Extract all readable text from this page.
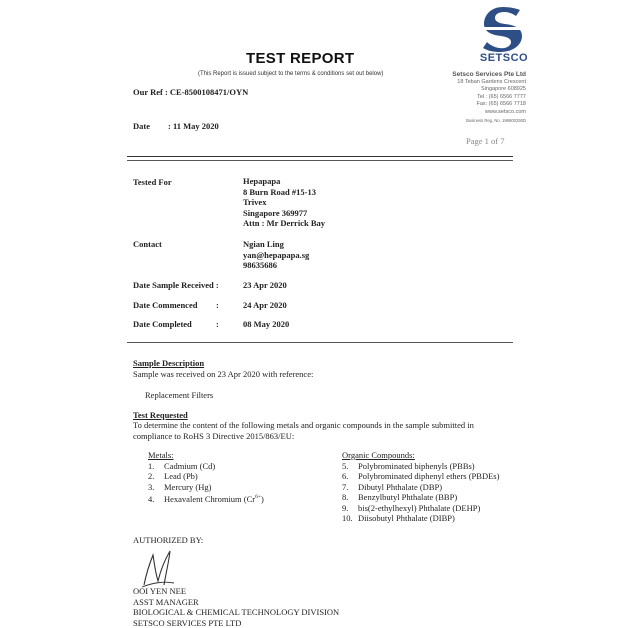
TEST REPORT
(This Report is issued subject to the terms & conditions set out below)
SETSCO
Setsco Services Pte Ltd
18 Teban Gardens Crescent
Singapore 608925
Tel : (65) 6566 7777
Fax: (65) 6566 7718
www.setsco.com
Business Reg. No. 196900250D
Our Ref : CE-8500108471/OYN
Date : 11 May 2020
Page 1 of 7
Tested For	Hepapapa
8 Burn Road #15-13
Trivex
Singapore 369977
Attn : Mr Derrick Bay
Contact	Ngian Ling
yan@hepapapa.sg
98635686
Date Sample Received :	23 Apr 2020
Date Commenced :	24 Apr 2020
Date Completed	:	08 May 2020
Sample Description
Sample was received on 23 Apr 2020 with reference:
Replacement Filters
Test Requested
To determine the content of the following metals and organic compounds in the sample submitted in
compliance to RoHS 3 Directive 2015/863/EU:
Metals:
1. Cadmium (Cd)
2. Lead (Pb)
3. Mercury (Hg)
4. Hexavalent Chromium $(Cr^{6+})$
Organic Compounds:
5. Polybrominated biphenyls (PBBs)
6. Polybrominated diphenyl ethers (PBDEs)
7. Dibutyl Phthalate (DBP)
8. Benzylbutyl Phthalate (BBP)
9. bis(2-ethylhexyl) Phthalate (DEHP)
10. Diisobutyl Phthalate (DIBP)
AUTHORIZED BY:
OOI YEN NEE
ASST MANAGER
BIOLOGICAL & CHEMICAL TECHNOLOGY DIVISION
SETSCO SERVICES PTE LTD
